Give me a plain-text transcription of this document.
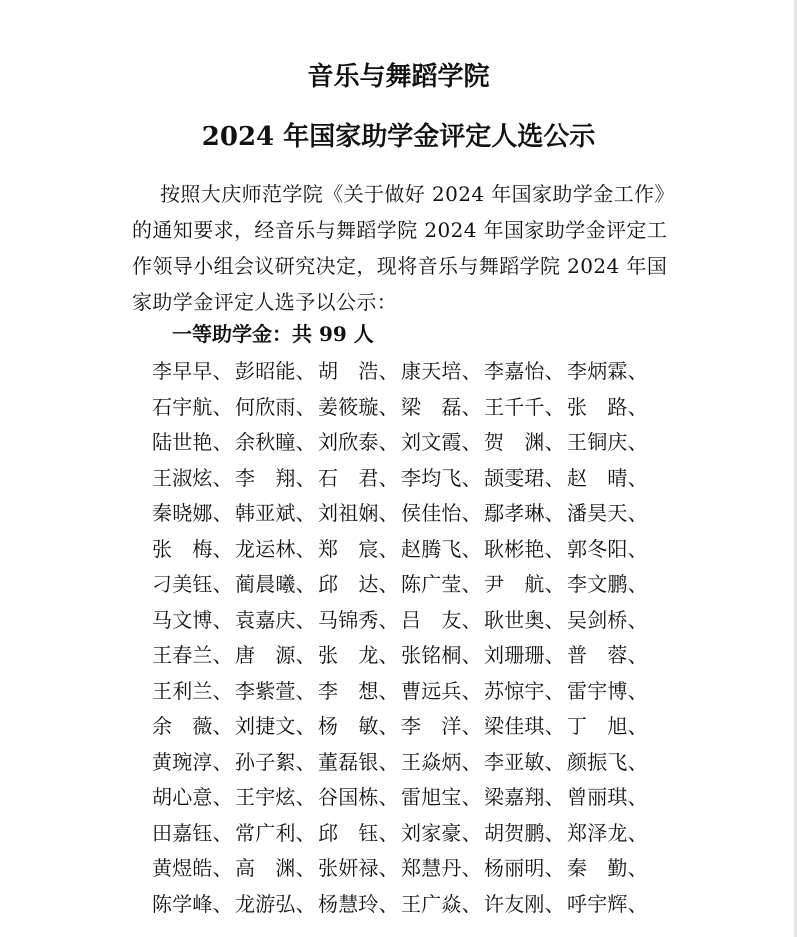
音乐与舞蹈学院
2024 年国家助学金评定人选公示
按照大庆师范学院《关于做好 2024 年国家助学金工作》
的通知要求，经音乐与舞蹈学院 2024 年国家助学金评定工
作领导小组会议研究决定，现将音乐与舞蹈学院 2024 年国
家助学金评定人选予以公示：
一等助学金：共 99 人
李早早、 彭昭能、 胡　浩、 康天培、 李嘉怡、 李炳霖、
石宇航、 何欣雨、 姜筱璇、 梁　磊、 王千千、 张　路、
陆世艳、 余秋瞳、 刘欣泰、 刘文霞、 贺　渊、 王铜庆、
王淑炫、 李　翔、 石　君、 李均飞、 颉雯珺、 赵　晴、
秦晓娜、 韩亚斌、 刘祖娴、 侯佳怡、 鄢孝琳、 潘昊天、
张　梅、 龙运林、 郑　宸、 赵腾飞、 耿彬艳、 郭冬阳、
刁美钰、 蔺晨曦、 邱　达、 陈广莹、 尹　航、 李文鹏、
马文博、 袁嘉庆、 马锦秀、 吕　友、 耿世奥、 吴剑桥、
王春兰、 唐　源、 张　龙、 张铭桐、 刘珊珊、 普　蓉、
王利兰、 李紫萱、 李　想、 曹远兵、 苏惊宇、 雷宇博、
余　薇、 刘捷文、 杨　敏、 李　洋、 梁佳琪、 丁　旭、
黄琬淳、 孙子絮、 董磊银、 王焱炳、 李亚敏、 颜振飞、
胡心意、 王宇炫、 谷国栋、 雷旭宝、 梁嘉翔、 曾丽琪、
田嘉钰、 常广利、 邱　钰、 刘家豪、 胡贺鹏、 郑泽龙、
黄煜皓、 高　渊、 张妍禄、 郑慧丹、 杨丽明、 秦　勤、
陈学峰、 龙游弘、 杨慧玲、 王广焱、 许友刚、 呼宇辉、
